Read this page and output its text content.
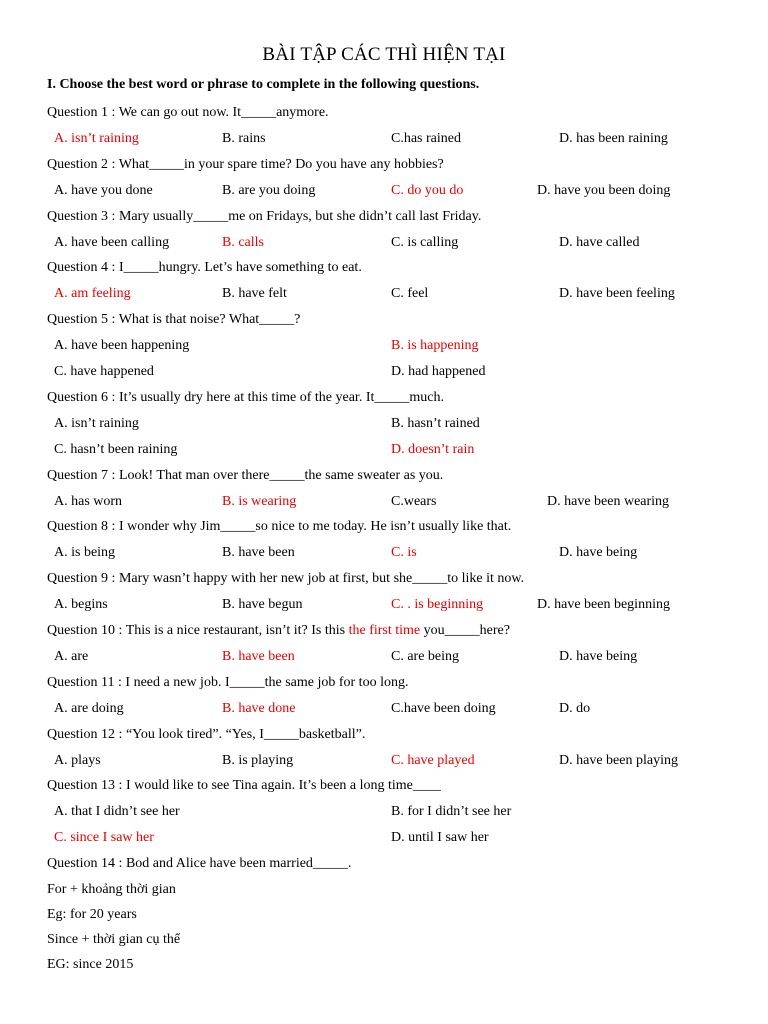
BÀI TẬP CÁC THÌ HIỆN TẠI
I. Choose the best word or phrase to complete in the following questions.
Question 1 : We can go out now. It_____anymore.
A. isn’t raining	B. rains	C.has rained	D. has been raining
Question 2 : What_____in your spare time? Do you have any hobbies?
A. have you done	B. are you doing	C. do you do	D. have you been doing
Question 3 : Mary usually_____me on Fridays, but she didn’t call last Friday.
A. have been calling	B. calls	C. is calling	D. have called
Question 4 : I_____hungry. Let’s have something to eat.
A. am feeling	B. have felt	C. feel	D. have been feeling
Question 5 : What is that noise? What_____?
A. have been happening	B. is happening
C. have happened	D. had happened
Question 6 : It’s usually dry here at this time of the year. It_____much.
A. isn’t raining	B. hasn’t rained
C. hasn’t been raining	D. doesn’t rain
Question 7 : Look! That man over there_____the same sweater as you.
A. has worn	B. is wearing	C.wears	D. have been wearing
Question 8 : I wonder why Jim_____so nice to me today. He isn’t usually like that.
A. is being	B. have been	C. is	D. have being
Question 9 : Mary wasn’t happy with her new job at first, but she_____to like it now.
A. begins	B. have begun	C. . is beginning	D. have been beginning
Question 10 : This is a nice restaurant, isn’t it? Is this the first time you_____here?
A. are	B. have been	C. are being	D. have being
Question 11 : I need a new job. I_____the same job for too long.
A. are doing	B. have done	C.have been doing	D. do
Question 12 : “You look tired”. “Yes, I_____basketball”.
A. plays	B. is playing	C. have played	D. have been playing
Question 13 : I would like to see Tina again. It’s been a long time____
A. that I didn’t see her	B. for I didn’t see her
C. since I saw her	D. until I saw her
Question 14 : Bod and Alice have been married_____.
For + khoảng thời gian
Eg: for 20 years
Since + thời gian cụ thể
EG: since 2015
